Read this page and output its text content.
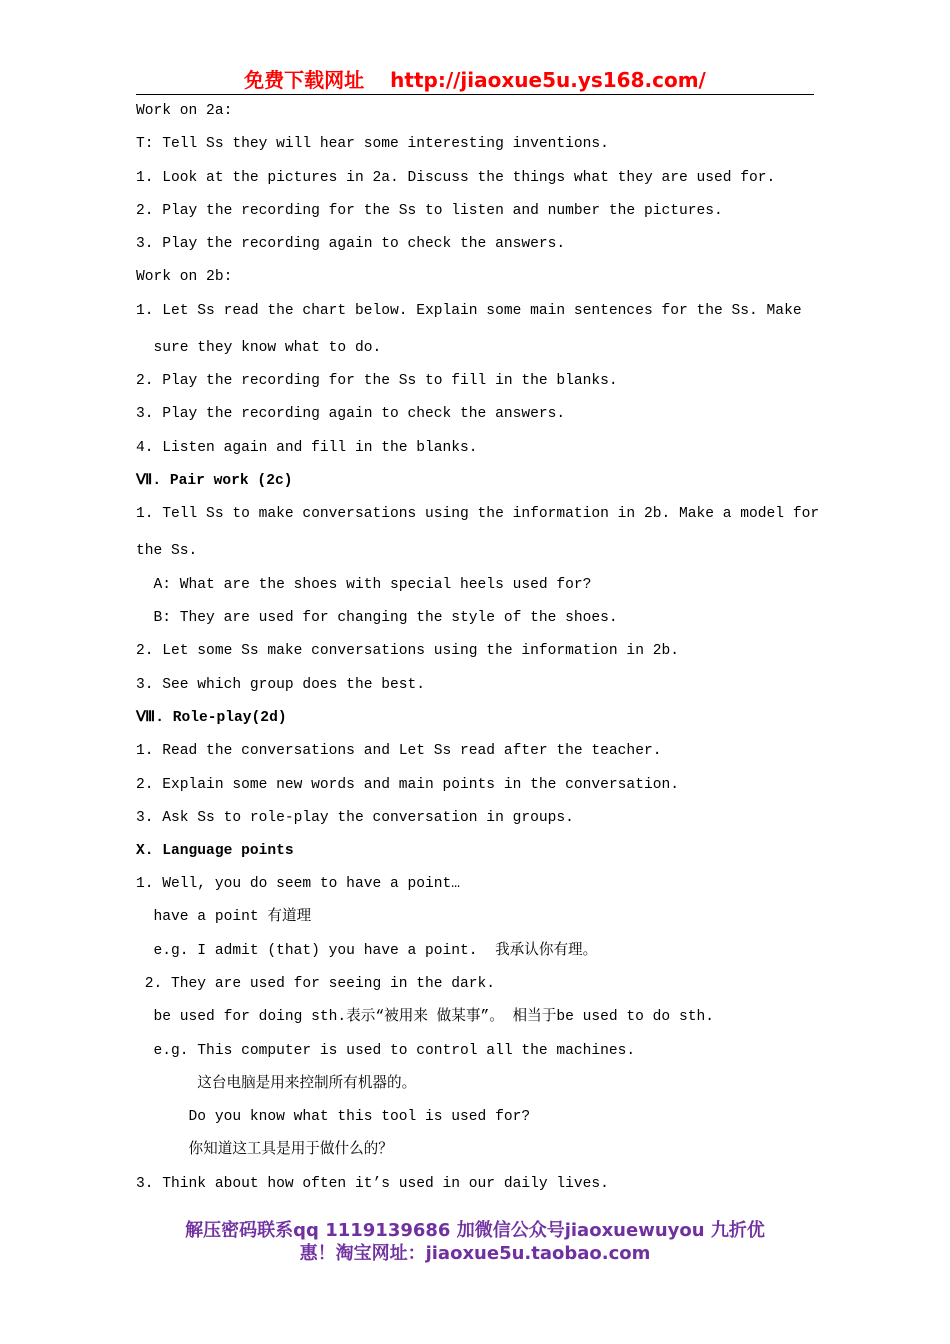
免费下载网址 http://jiaoxue5u.ys168.com/
Work on 2a:
T: Tell Ss they will hear some interesting inventions.
1. Look at the pictures in 2a. Discuss the things what they are used for.
2. Play the recording for the Ss to listen and number the pictures.
3. Play the recording again to check the answers.
Work on 2b:
1. Let Ss read the chart below. Explain some main sentences for the Ss. Make
sure they know what to do.
2. Play the recording for the Ss to fill in the blanks.
3. Play the recording again to check the answers.
4. Listen again and fill in the blanks.
Ⅶ. Pair work (2c)
1. Tell Ss to make conversations using the information in 2b. Make a model for
the Ss.
A: What are the shoes with special heels used for?
B: They are used for changing the style of the shoes.
2. Let some Ss make conversations using the information in 2b.
3. See which group does the best.
Ⅷ. Role-play(2d)
1. Read the conversations and Let Ss read after the teacher.
2. Explain some new words and main points in the conversation.
3. Ask Ss to role-play the conversation in groups.
X. Language points
1. Well, you do seem to have a point…
have a point 有道理
e.g. I admit (that) you have a point.  我承认你有理。
2. They are used for seeing in the dark.
be used for doing sth.表示“被用来 做某事”。 相当于be used to do sth.
e.g. This computer is used to control all the machines.
这台电脑是用来控制所有机器的。
Do you know what this tool is used for?
你知道这工具是用于做什么的？
3. Think about how often it’s used in our daily lives.
解压密码联系qq 1119139686 加微信公众号jiaoxuewuyou 九折优
惠！淘宝网址：jiaoxue5u.taobao.com
